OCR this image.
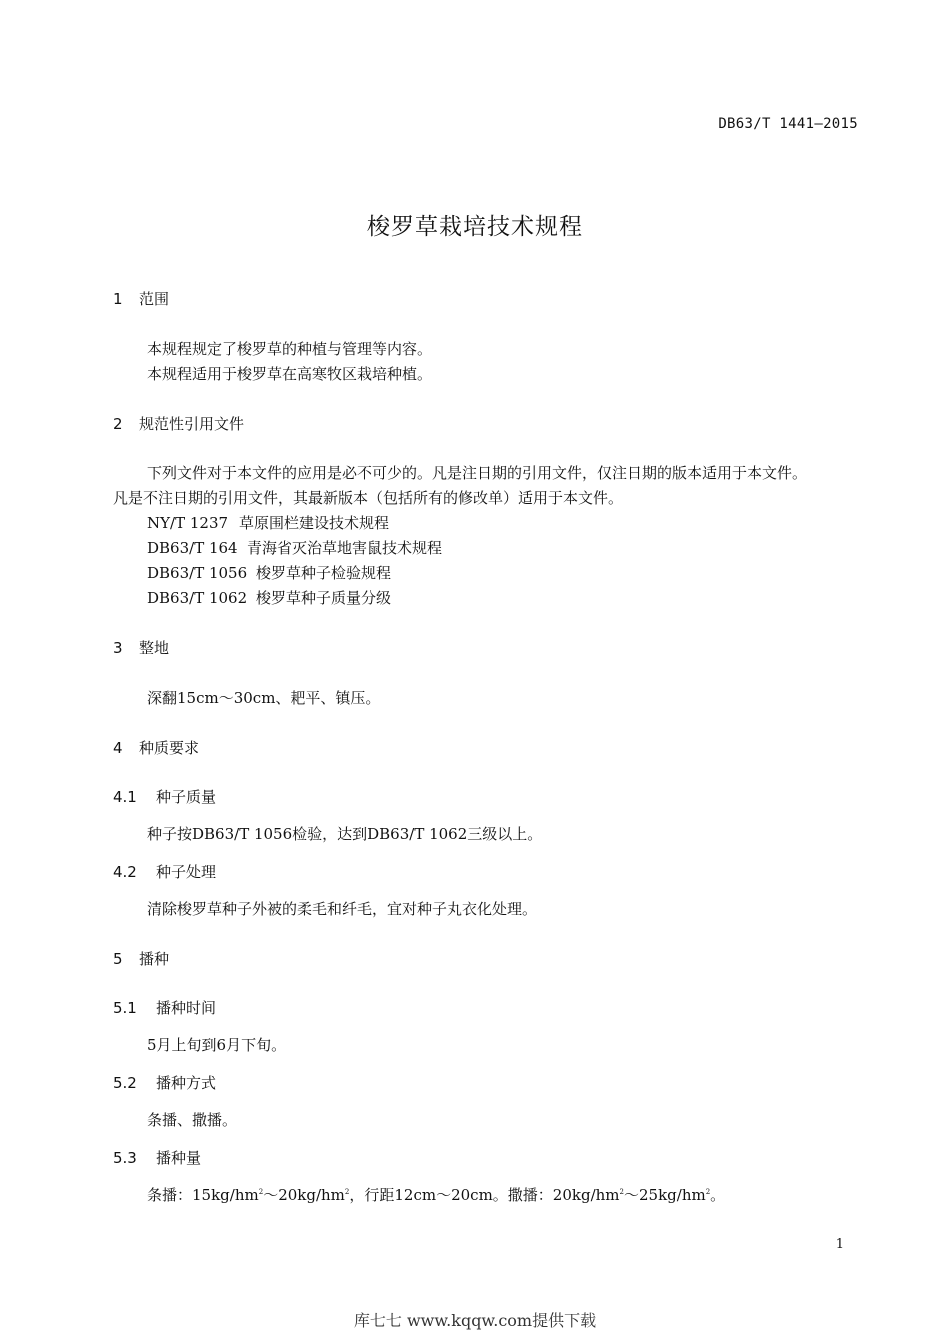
DB63/T 1441—2015
梭罗草栽培技术规程
1 范围
本规程规定了梭罗草的种植与管理等内容。
本规程适用于梭罗草在高寒牧区栽培种植。
2 规范性引用文件
下列文件对于本文件的应用是必不可少的。凡是注日期的引用文件，仅注日期的版本适用于本文件。
凡是不注日期的引用文件，其最新版本（包括所有的修改单）适用于本文件。
NY/T 1237 草原围栏建设技术规程
DB63/T 164 青海省灭治草地害鼠技术规程
DB63/T 1056 梭罗草种子检验规程
DB63/T 1062 梭罗草种子质量分级
3 整地
深翻15cm～30cm、耙平、镇压。
4 种质要求
4.1 种子质量
种子按DB63/T 1056检验，达到DB63/T 1062三级以上。
4.2 种子处理
清除梭罗草种子外被的柔毛和纤毛，宜对种子丸衣化处理。
5 播种
5.1 播种时间
5月上旬到6月下旬。
5.2 播种方式
条播、撒播。
5.3 播种量
条播：$15kg/hm^2\sim 20kg/hm^2$，行距12cm～20cm。撒播：$20kg/hm^2\sim 25kg/hm^2$。
1
库七七 www.kqqw.com提供下载
